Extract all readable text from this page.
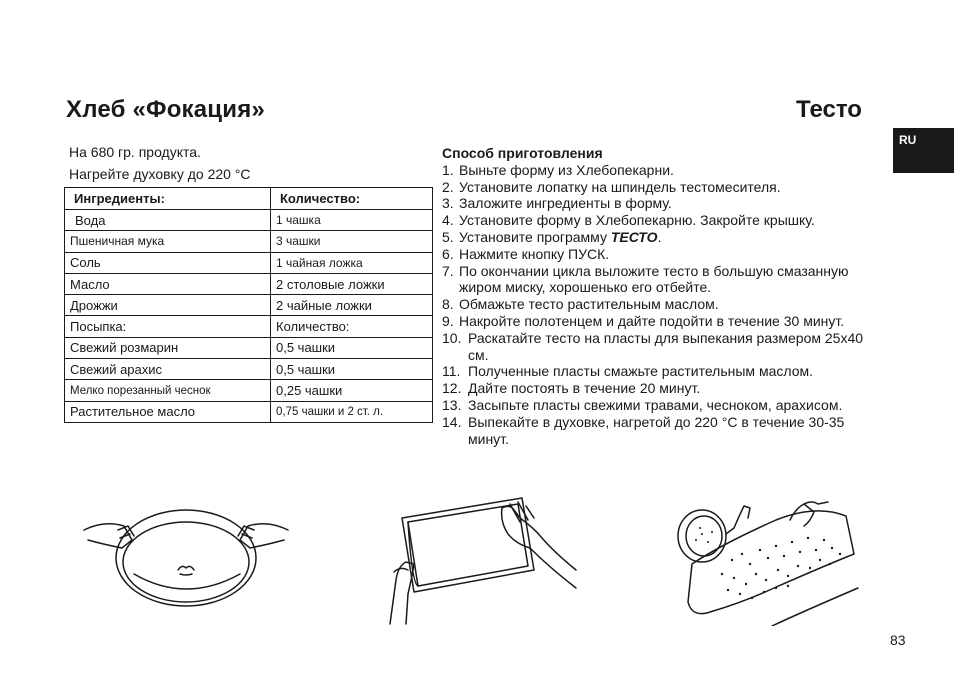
Хлеб «Фокация»	Тесто
RU
На 680 гр. продукта.
Нагрейте духовку до 220 °C
Ингредиенты:	Количество:
Вода	1 чашка
Пшеничная мука	3 чашки
Соль	1 чайная ложка
Масло	2 столовые ложки
Дрожжи	2 чайные ложки
Посыпка:	Количество:
Свежий розмарин	0,5 чашки
Свежий арахис	0,5 чашки
Мелко порезанный чеснок	0,25 чашки
Растительное масло	0,75 чашки и 2 ст. л.
Способ приготовления
1. Выньте форму из Хлебопекарни.
2. Установите лопатку на шпиндель тестомесителя.
3. Заложите ингредиенты в форму.
4. Установите форму в Хлебопекарню. Закройте крышку.
5. Установите программу ТЕСТО.
6. Нажмите кнопку ПУСК.
7. По окончании цикла выложите тесто в большую смазанную жиром миску, хорошенько его отбейте.
8. Обмажьте тесто растительным маслом.
9. Накройте полотенцем и дайте подойти в течение 30 минут.
10. Раскатайте тесто на пласты для выпекания размером 25x40 см.
11. Полученные пласты смажьте растительным маслом.
12. Дайте постоять в течение 20 минут.
13. Засыпьте пласты свежими травами, чесноком, арахисом.
14. Выпекайте в духовке, нагретой до 220 °C в течение 30-35 минут.
83
